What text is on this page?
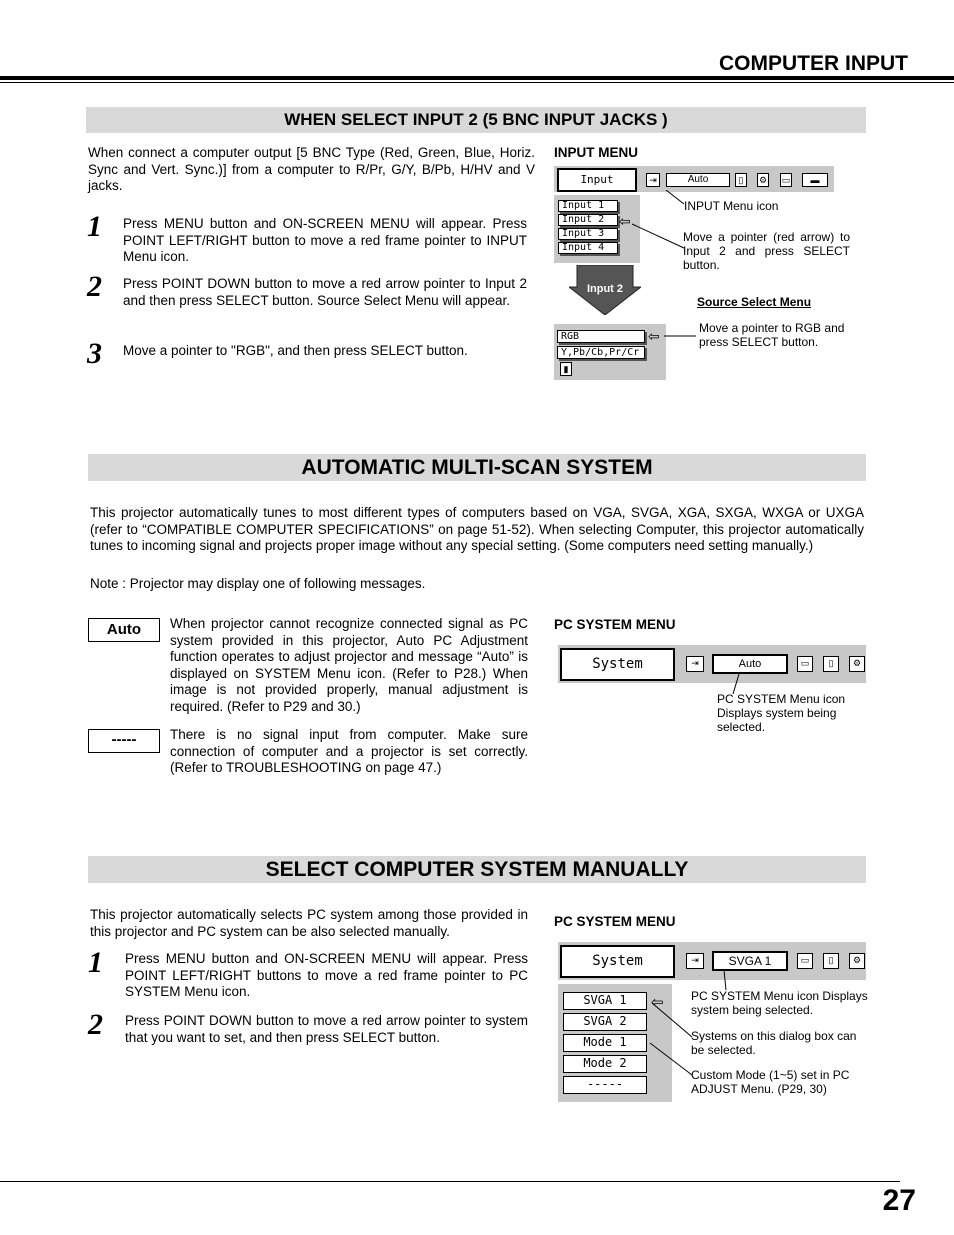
COMPUTER INPUT
WHEN SELECT INPUT 2 (5 BNC INPUT JACKS )
When connect a computer output [5 BNC Type (Red, Green, Blue, Horiz. Sync and Vert. Sync.)] from a computer to R/Pr, G/Y, B/Pb, H/HV and V jacks.
1 Press MENU button and ON-SCREEN MENU will appear. Press POINT LEFT/RIGHT button to move a red frame pointer to INPUT Menu icon.
2 Press POINT DOWN button to move a red arrow pointer to Input 2 and then press SELECT button. Source Select Menu will appear.
3 Move a pointer to "RGB", and then press SELECT button.
INPUT MENU
Input	⇥	Auto	▯	⚙ ▭	▬
Input 1
Input 2
Input 3
Input 4
⇦
Input 2
RGB
Y,Pb/Cb,Pr/Cr
▮
⇦
INPUT Menu icon
Move a pointer (red arrow) to Input 2 and press SELECT button.
Source Select Menu
Move a pointer to RGB and press SELECT button.
AUTOMATIC MULTI-SCAN SYSTEM
This projector automatically tunes to most different types of computers based on VGA, SVGA, XGA, SXGA, WXGA or UXGA (refer to “COMPATIBLE COMPUTER SPECIFICATIONS” on page 51-52). When selecting Computer, this projector automatically tunes to incoming signal and projects proper image without any special setting. (Some computers need setting manually.)
Note : Projector may display one of following messages.
Auto	When projector cannot recognize connected signal as PC system provided in this projector, Auto PC Adjustment function operates to adjust projector and message “Auto” is displayed on SYSTEM Menu icon. (Refer to P28.) When image is not provided properly, manual adjustment is required. (Refer to P29 and 30.)
-----	There is no signal input from computer. Make sure connection of computer and a projector is set correctly. (Refer to TROUBLESHOOTING on page 47.)
PC SYSTEM MENU
System	⇥	Auto	▭	▯	⚙
PC SYSTEM Menu icon Displays system being selected.
SELECT COMPUTER SYSTEM MANUALLY
This projector automatically selects PC system among those provided in this projector and PC system can be also selected manually.
1 Press MENU button and ON-SCREEN MENU will appear. Press POINT LEFT/RIGHT buttons to move a red frame pointer to PC SYSTEM Menu icon.
2 Press POINT DOWN button to move a red arrow pointer to system that you want to set, and then press SELECT button.
PC SYSTEM MENU
System	⇥	SVGA 1	▭	▯	⚙
SVGA 1
SVGA 2
Mode 1
Mode 2
-----
⇦ PC SYSTEM Menu icon Displays system being selected.
Systems on this dialog box can be selected.
Custom Mode (1~5) set in PC ADJUST Menu. (P29, 30)
27
